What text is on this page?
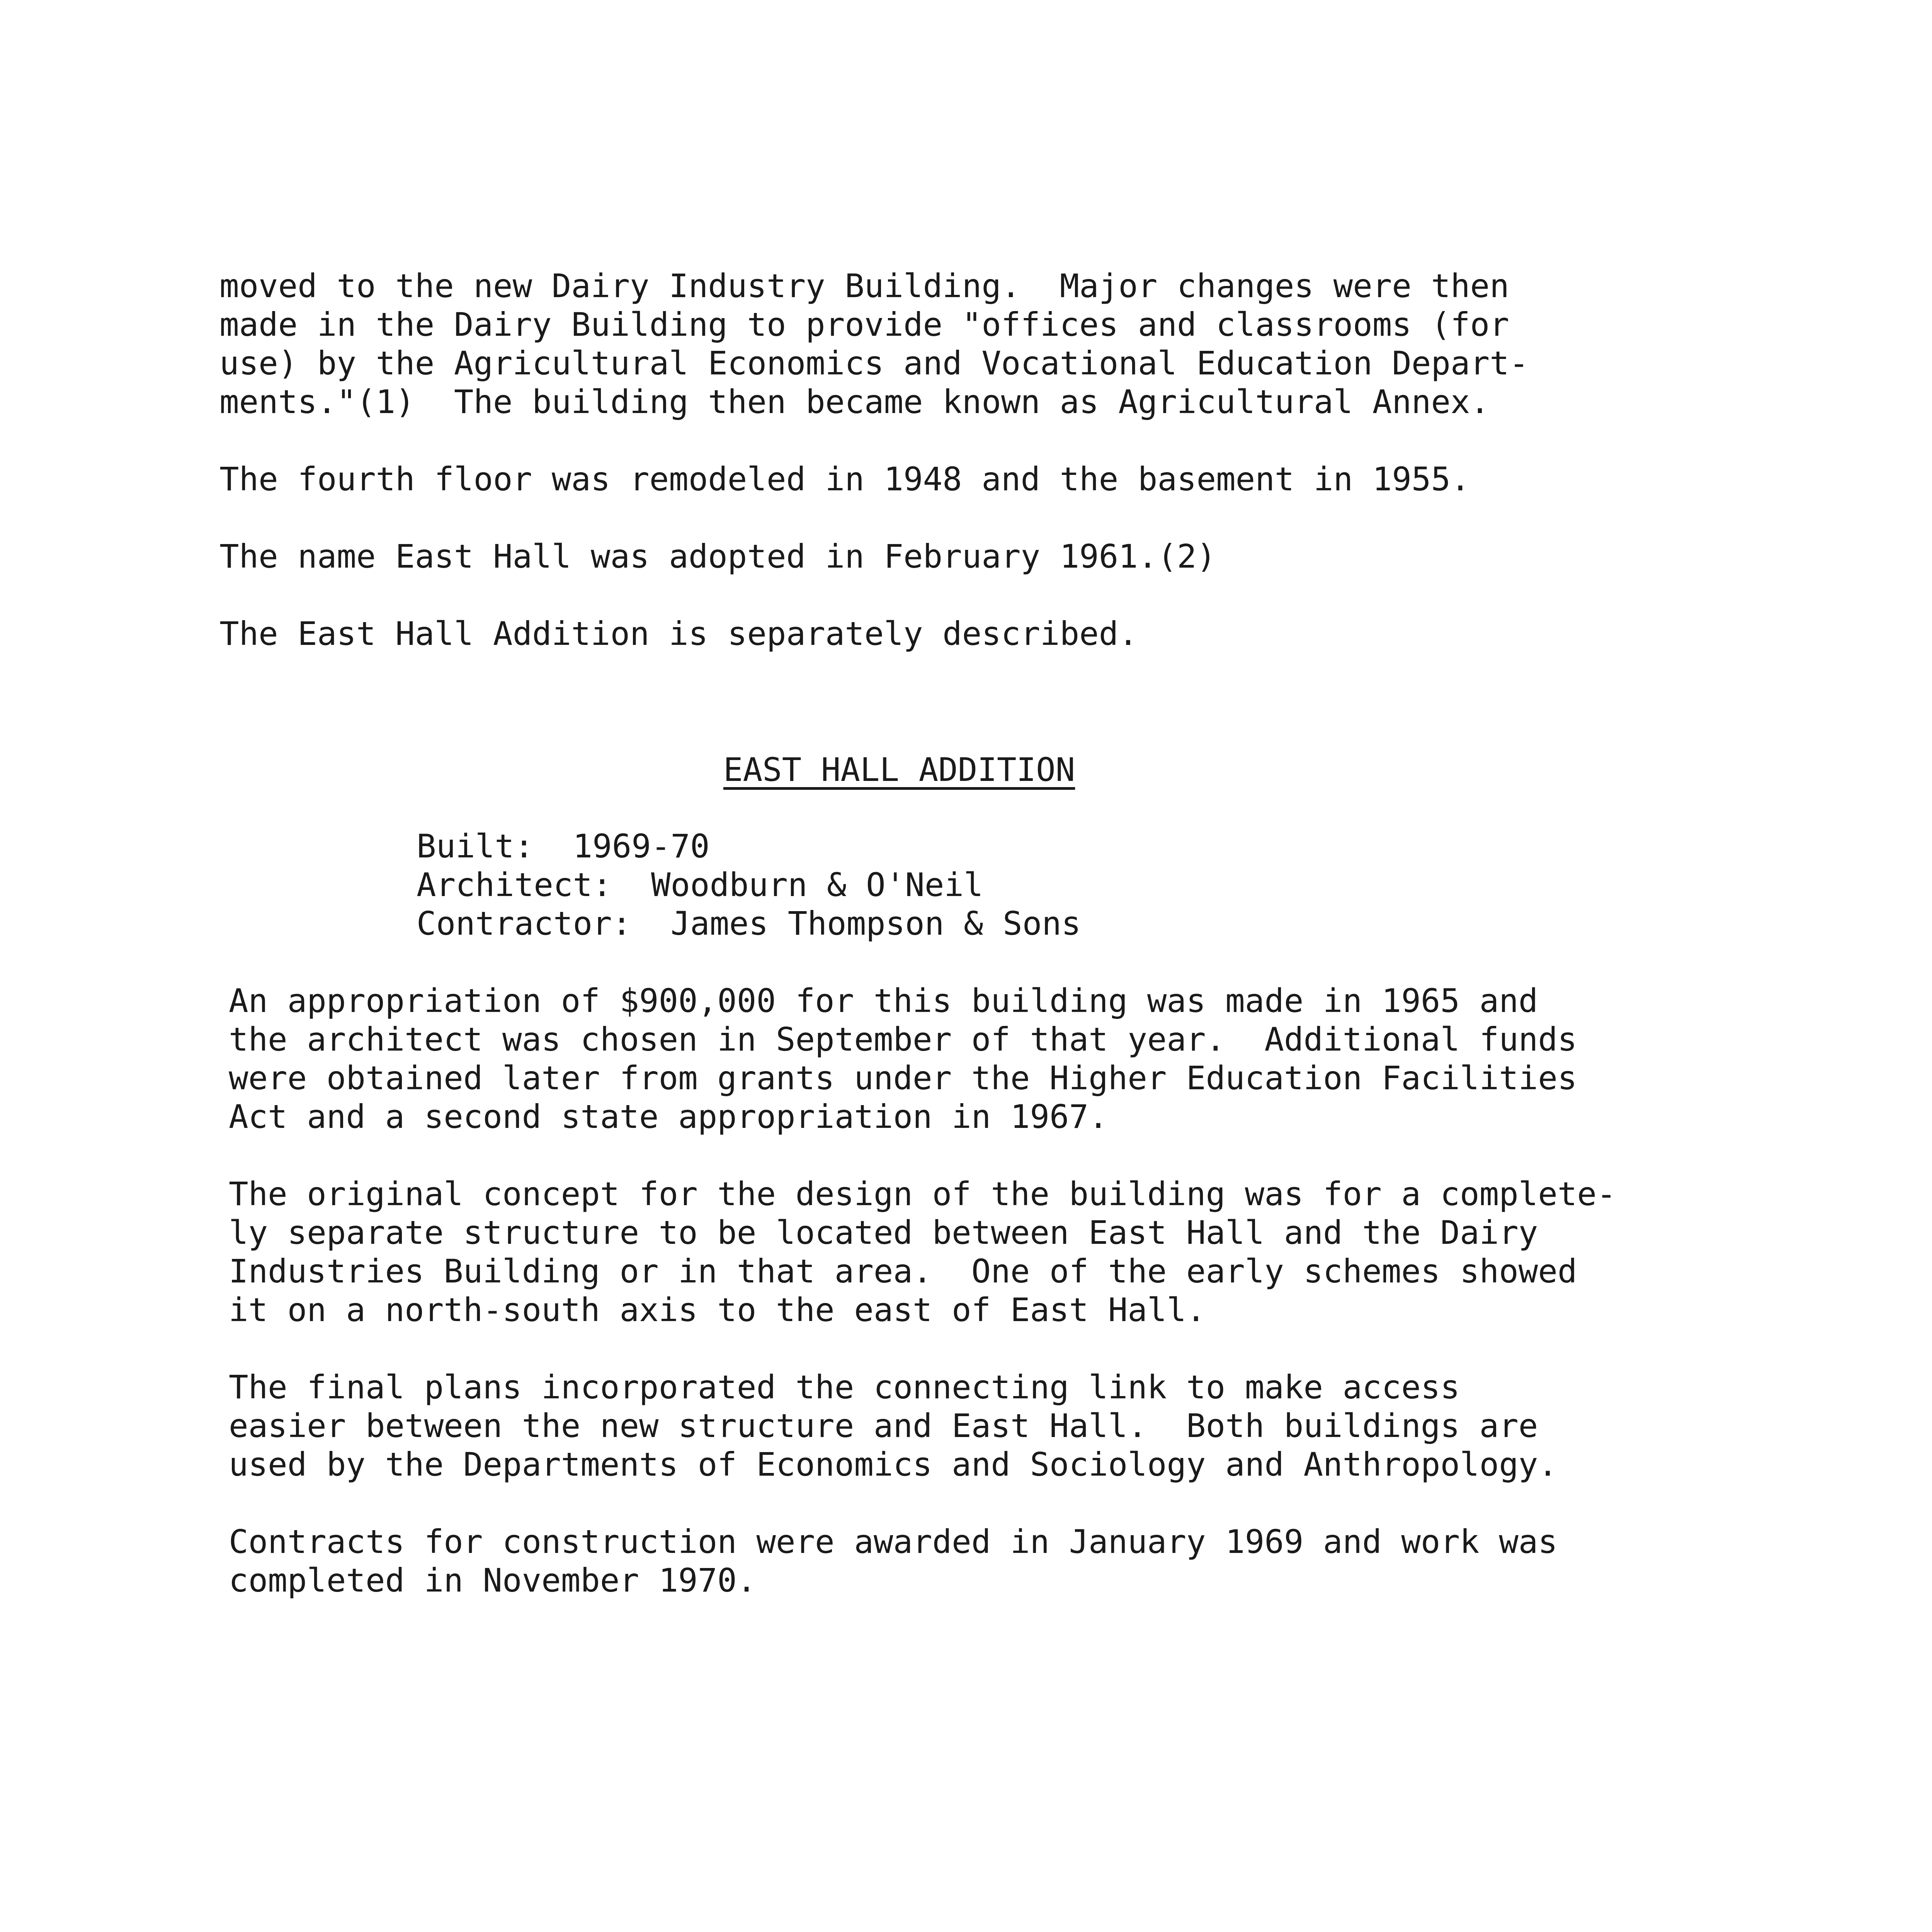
moved to the new Dairy Industry Building.  Major changes were then

made in the Dairy Building to provide "offices and classrooms (for

use) by the Agricultural Economics and Vocational Education Depart-

ments."(1)  The building then became known as Agricultural Annex.

The fourth floor was remodeled in 1948 and the basement in 1955.

The name East Hall was adopted in February 1961.(2)

The East Hall Addition is separately described.

EAST HALL ADDITION

Built:  1969-70

Architect:  Woodburn & O'Neil

Contractor:  James Thompson & Sons

An appropriation of $900,000 for this building was made in 1965 and

the architect was chosen in September of that year.  Additional funds

were obtained later from grants under the Higher Education Facilities

Act and a second state appropriation in 1967.

The original concept for the design of the building was for a complete-

ly separate structure to be located between East Hall and the Dairy

Industries Building or in that area.  One of the early schemes showed

it on a north-south axis to the east of East Hall.

The final plans incorporated the connecting link to make access

easier between the new structure and East Hall.  Both buildings are

used by the Departments of Economics and Sociology and Anthropology.

Contracts for construction were awarded in January 1969 and work was

completed in November 1970.
